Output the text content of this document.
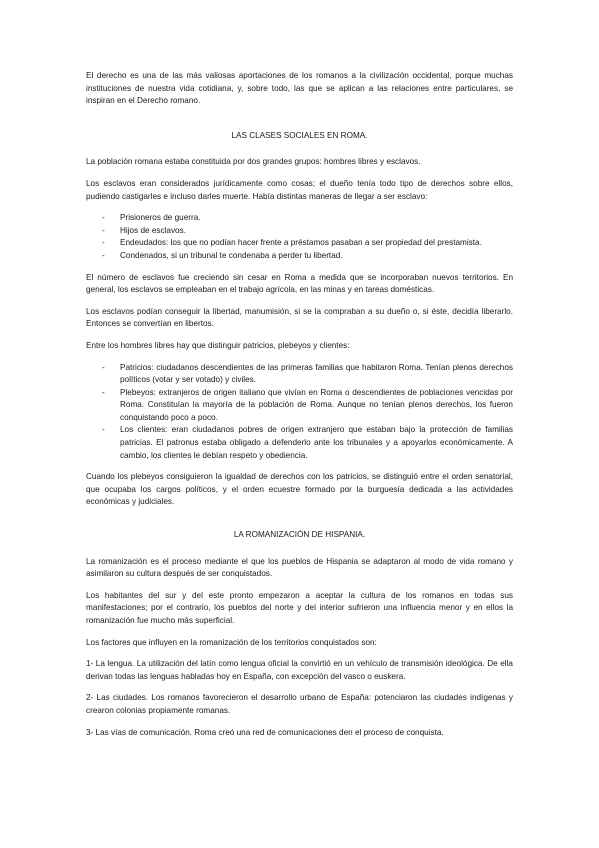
El derecho es una de las más valiosas aportaciones de los romanos a la civilización occidental, porque muchas instituciones de nuestra vida cotidiana, y, sobre todo, las que se aplican a las relaciones entre particulares, se inspiran en el Derecho romano.

LAS CLASES SOCIALES EN ROMA.

La población romana estaba constituida por dos grandes grupos: hombres libres y esclavos.

Los esclavos eran considerados jurídicamente como cosas; el dueño tenía todo tipo de derechos sobre ellos, pudiendo castigarles e incluso darles muerte. Había distintas maneras de llegar a ser esclavo:

- Prisioneros de guerra.
- Hijos de esclavos.
- Endeudados: los que no podían hacer frente a préstamos pasaban a ser propiedad del prestamista.
- Condenados, si un tribunal te condenaba a perder tu libertad.

El número de esclavos fue creciendo sin cesar en Roma a medida que se incorporaban nuevos territorios. En general, los esclavos se empleaban en el trabajo agrícola, en las minas y en tareas domésticas.

Los esclavos podían conseguir la libertad, manumisión, si se la compraban a su dueño o, si éste, decidía liberarlo. Entonces se convertían en libertos.

Entre los hombres libres hay que distinguir patricios, plebeyos y clientes:

- Patricios: ciudadanos descendientes de las primeras familias que habitaron Roma. Tenían plenos derechos políticos (votar y ser votado) y civiles.
- Plebeyos: extranjeros de origen italiano que vivían en Roma o descendientes de poblaciones vencidas por Roma. Constituían la mayoría de la población de Roma. Aunque no tenían plenos derechos, los fueron conquistando poco a poco.
- Los clientes: eran ciudadanos pobres de origen extranjero que estaban bajo la protección de familias patricias. El patronus estaba obligado a defenderlo ante los tribunales y a apoyarlos económicamente. A cambio, los clientes le debían respeto y obediencia.

Cuando los plebeyos consiguieron la igualdad de derechos con los patricios, se distinguió entre el orden senatorial, que ocupaba los cargos políticos, y el orden ecuestre formado por la burguesía dedicada a las actividades económicas y judiciales.

LA ROMANIZACIÓN DE HISPANIA.

La romanización es el proceso mediante el que los pueblos de Hispania se adaptaron al modo de vida romano y asimilaron su cultura después de ser conquistados.

Los habitantes del sur y del este pronto empezaron a aceptar la cultura de los romanos en todas sus manifestaciones; por el contrario, los pueblos del norte y del interior sufrieron una influencia menor y en ellos la romanización fue mucho más superficial.

Los factores que influyen en la romanización de los territorios conquistados son:

1- La lengua. La utilización del latín como lengua oficial la convirtió en un vehículo de transmisión ideológica. De ella derivan todas las lenguas habladas hoy en España, con excepción del vasco o euskera.

2- Las ciudades. Los romanos favorecieron el desarrollo urbano de España: potenciaron las ciudades indígenas y crearon colonias propiamente romanas.

3- Las vías de comunicación. Roma creó una red de comunicaciones den el proceso de conquista.
